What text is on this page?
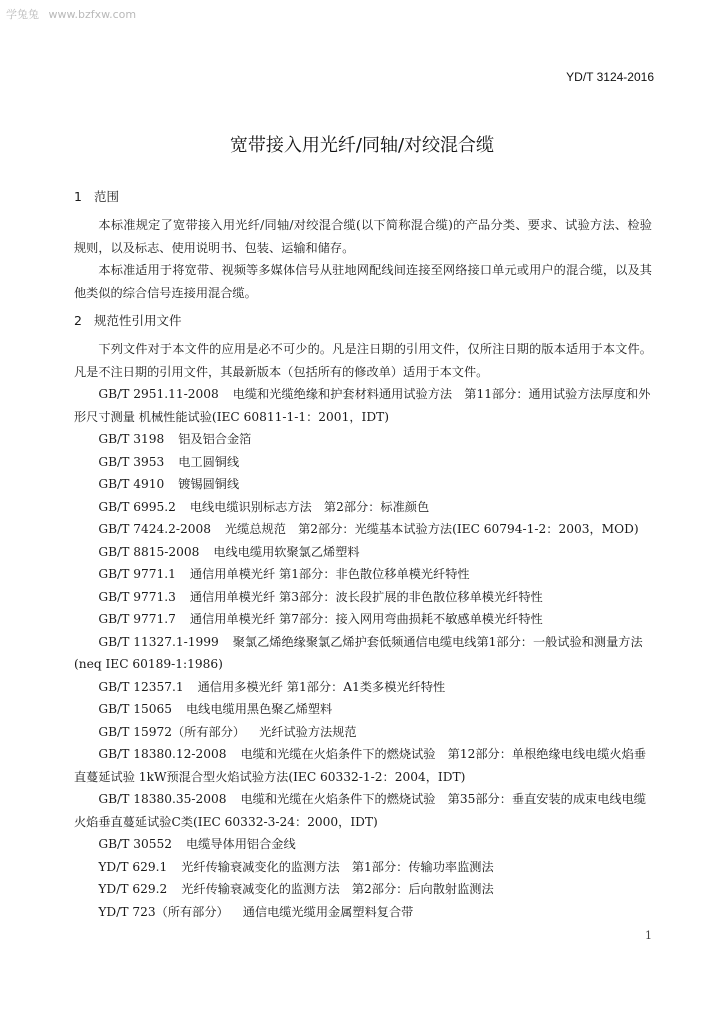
学兔兔 www.bzfxw.com
YD/T 3124-2016
宽带接入用光纤/同轴/对绞混合缆

1 范围

本标准规定了宽带接入用光纤/同轴/对绞混合缆(以下简称混合缆)的产品分类、要求、试验方法、检验规则，以及标志、使用说明书、包装、运输和储存。

本标准适用于将宽带、视频等多媒体信号从驻地网配线间连接至网络接口单元或用户的混合缆，以及其他类似的综合信号连接用混合缆。

2 规范性引用文件

下列文件对于本文件的应用是必不可少的。凡是注日期的引用文件，仅所注日期的版本适用于本文件。凡是不注日期的引用文件，其最新版本（包括所有的修改单）适用于本文件。

GB/T 2951.11-2008 电缆和光缆绝缘和护套材料通用试验方法　第11部分：通用试验方法厚度和外形尺寸测量 机械性能试验(IEC 60811-1-1：2001，IDT)

GB/T 3198 铝及铝合金箔

GB/T 3953 电工圆铜线

GB/T 4910 镀锡圆铜线

GB/T 6995.2 电线电缆识别标志方法　第2部分：标准颜色

GB/T 7424.2-2008 光缆总规范　第2部分：光缆基本试验方法(IEC 60794-1-2：2003，MOD)

GB/T 8815-2008 电线电缆用软聚氯乙烯塑料

GB/T 9771.1 通信用单模光纤 第1部分：非色散位移单模光纤特性

GB/T 9771.3 通信用单模光纤 第3部分：波长段扩展的非色散位移单模光纤特性

GB/T 9771.7 通信用单模光纤 第7部分：接入网用弯曲损耗不敏感单模光纤特性

GB/T 11327.1-1999 聚氯乙烯绝缘聚氯乙烯护套低频通信电缆电线第1部分：一般试验和测量方法(neq IEC 60189-1:1986)

GB/T 12357.1 通信用多模光纤 第1部分：A1类多模光纤特性

GB/T 15065 电线电缆用黑色聚乙烯塑料

GB/T 15972（所有部分） 光纤试验方法规范

GB/T 18380.12-2008 电缆和光缆在火焰条件下的燃烧试验　第12部分：单根绝缘电线电缆火焰垂直蔓延试验 1kW预混合型火焰试验方法(IEC 60332-1-2：2004，IDT)

GB/T 18380.35-2008 电缆和光缆在火焰条件下的燃烧试验　第35部分：垂直安装的成束电线电缆火焰垂直蔓延试验C类(IEC 60332-3-24：2000，IDT)

GB/T 30552 电缆导体用铝合金线

YD/T 629.1 光纤传输衰减变化的监测方法　第1部分：传输功率监测法

YD/T 629.2 光纤传输衰减变化的监测方法　第2部分：后向散射监测法

YD/T 723（所有部分） 通信电缆光缆用金属塑料复合带

1
